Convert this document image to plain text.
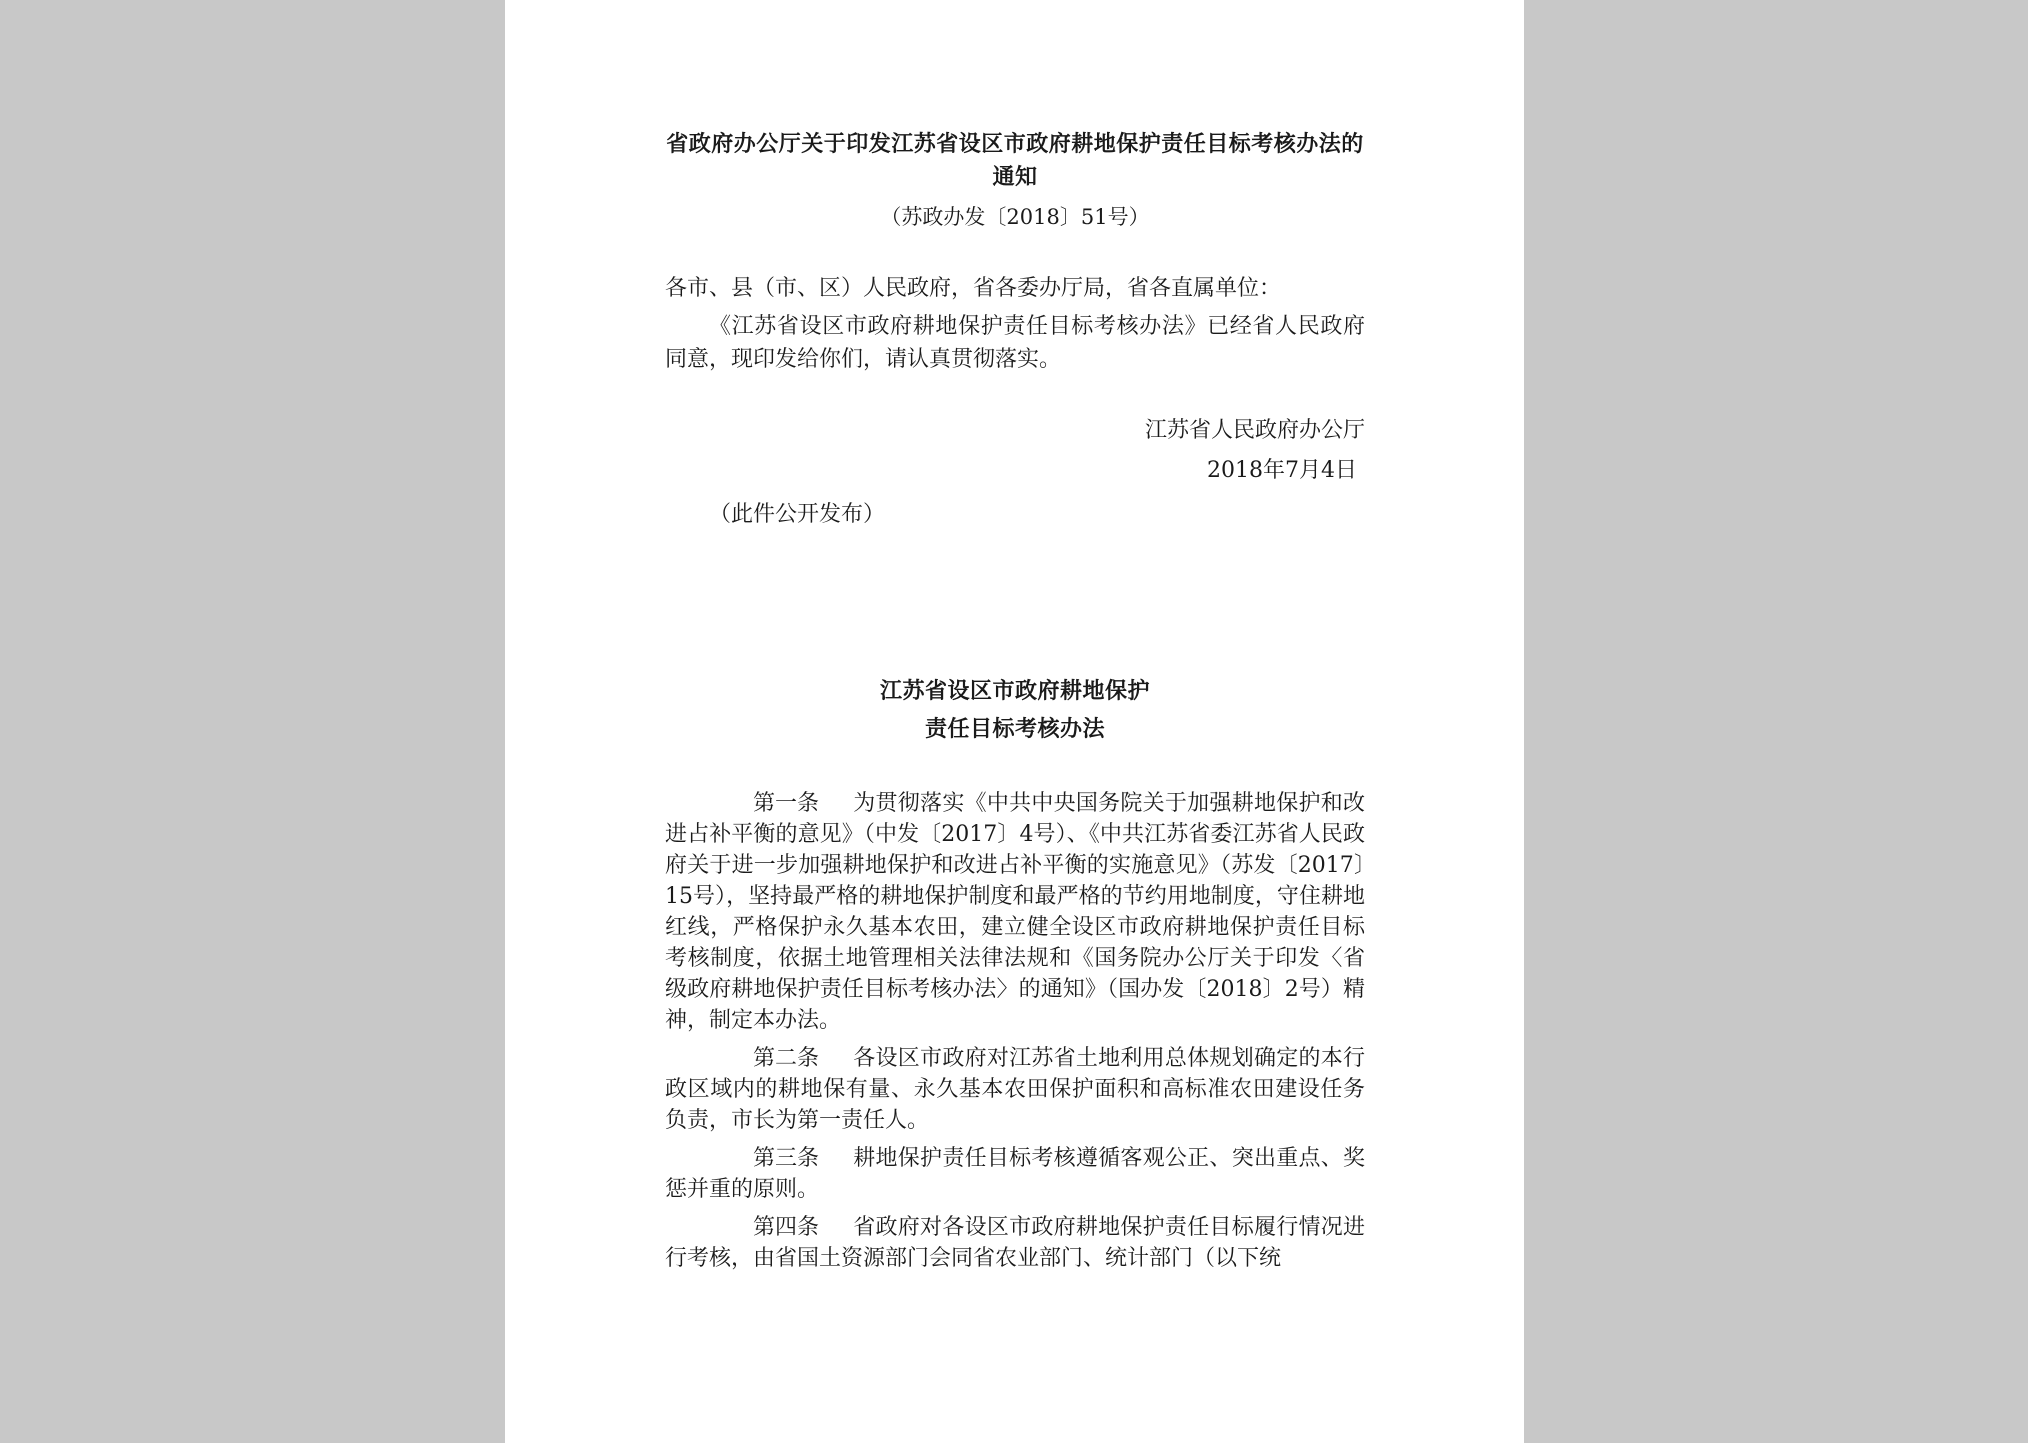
省政府办公厅关于印发江苏省设区市政府耕地保护责任目标考核办法的通知

（苏政办发〔2018〕51号）

各市、县（市、区）人民政府，省各委办厅局，省各直属单位：

《江苏省设区市政府耕地保护责任目标考核办法》已经省人民政府同意，现印发给你们，请认真贯彻落实。

江苏省人民政府办公厅

2018年7月4日

（此件公开发布）

江苏省设区市政府耕地保护
责任目标考核办法

第一条 为贯彻落实《中共中央国务院关于加强耕地保护和改进占补平衡的意见》（中发〔2017〕4号）、《中共江苏省委江苏省人民政府关于进一步加强耕地保护和改进占补平衡的实施意见》（苏发〔2017〕15号），坚持最严格的耕地保护制度和最严格的节约用地制度，守住耕地红线，严格保护永久基本农田，建立健全设区市政府耕地保护责任目标考核制度，依据土地管理相关法律法规和《国务院办公厅关于印发〈省级政府耕地保护责任目标考核办法〉的通知》（国办发〔2018〕2号）精神，制定本办法。

第二条 各设区市政府对江苏省土地利用总体规划确定的本行政区域内的耕地保有量、永久基本农田保护面积和高标准农田建设任务负责，市长为第一责任人。

第三条 耕地保护责任目标考核遵循客观公正、突出重点、奖惩并重的原则。

第四条 省政府对各设区市政府耕地保护责任目标履行情况进行考核，由省国土资源部门会同省农业部门、统计部门（以下统
